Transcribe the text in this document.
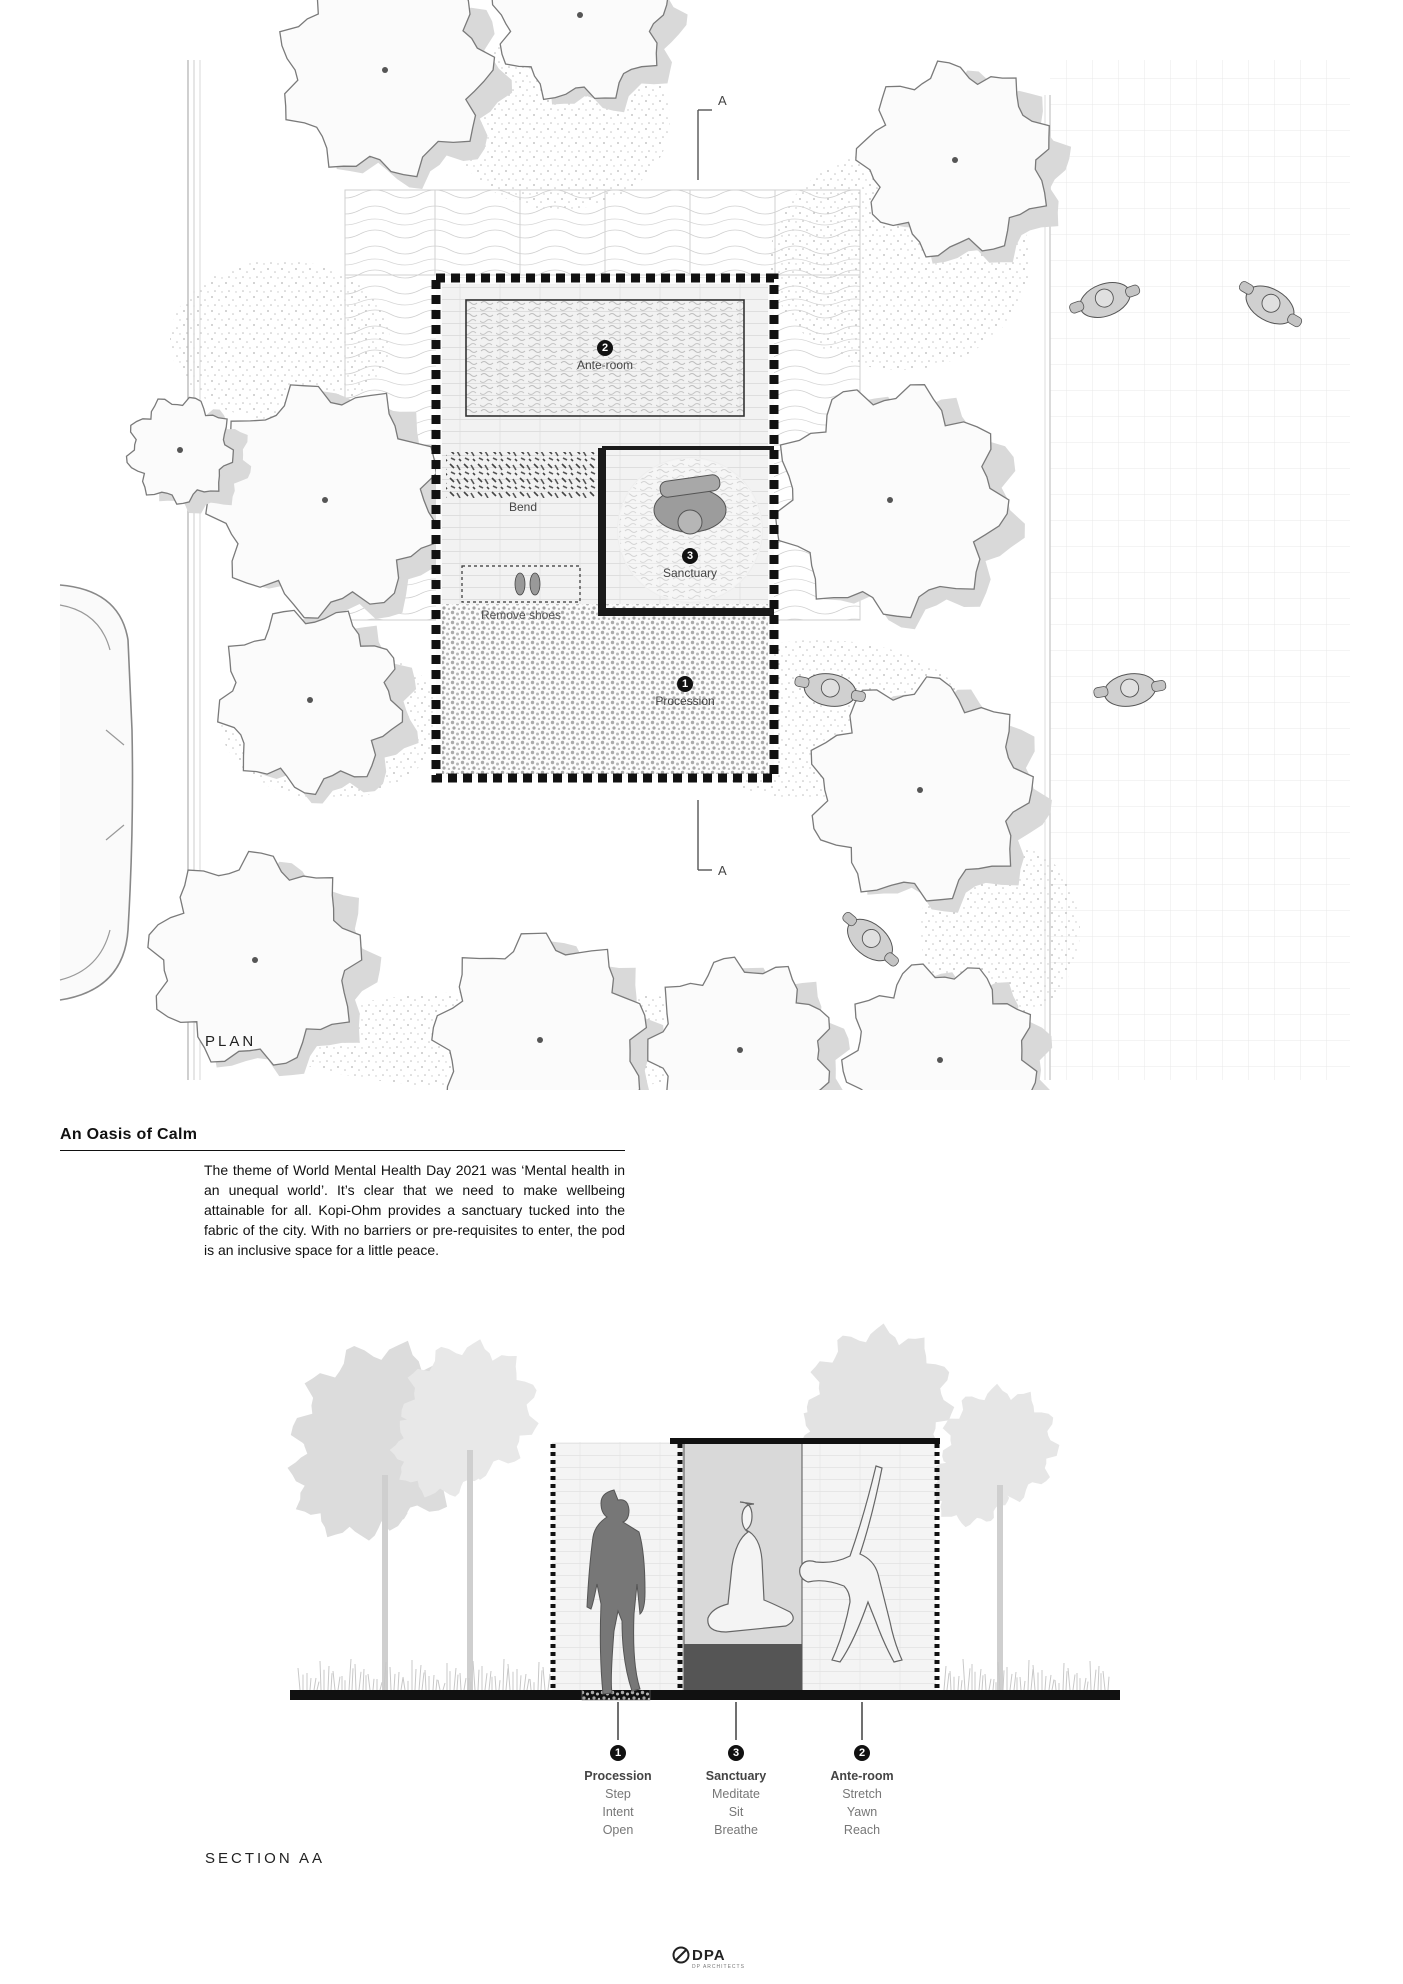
A
A
2
Ante-room
Bend
3
Sanctuary
Remove shoes
1
Procession
PLAN
An Oasis of Calm
The theme of World Mental Health Day 2021 was ‘Mental health in an unequal world’. It’s clear that we need to make wellbeing attainable for all. Kopi-Ohm provides a sanctuary tucked into the fabric of the city. With no barriers or pre-requisites to enter, the pod is an inclusive space for a little peace.
1
Procession
Step
Intent
Open
3
Sanctuary
Meditate
Sit
Breathe
2
Ante-room
Stretch
Yawn
Reach
SECTION AA
DPA
DP ARCHITECTS
